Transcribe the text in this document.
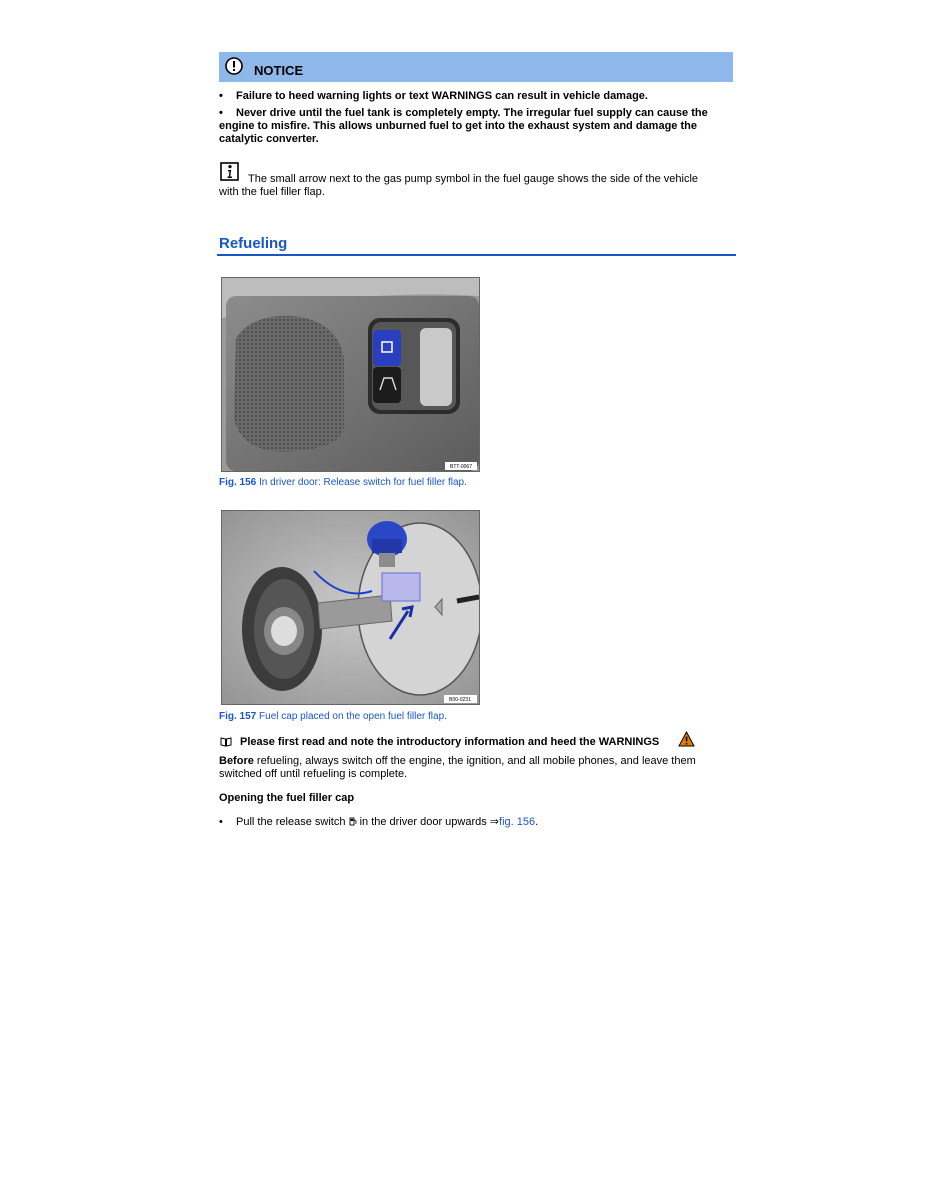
NOTICE
• Failure to heed warning lights or text WARNINGS can result in vehicle damage.
• Never drive until the fuel tank is completely empty. The irregular fuel supply can cause the
engine to misfire. This allows unburned fuel to get into the exhaust system and damage the
catalytic converter.
The small arrow next to the gas pump symbol in the fuel gauge shows the side of the vehicle
with the fuel filler flap.
Refueling
BTT-0067
Fig. 156 In driver door: Release switch for fuel filler flap.
B00-0231
Fig. 157 Fuel cap placed on the open fuel filler flap.
Please first read and note the introductory information and heed the WARNINGS
Before refueling, always switch off the engine, the ignition, and all mobile phones, and leave them
switched off until refueling is complete.
Opening the fuel filler cap
• Pull the release switch in the driver door upwards ⇒fig. 156.
